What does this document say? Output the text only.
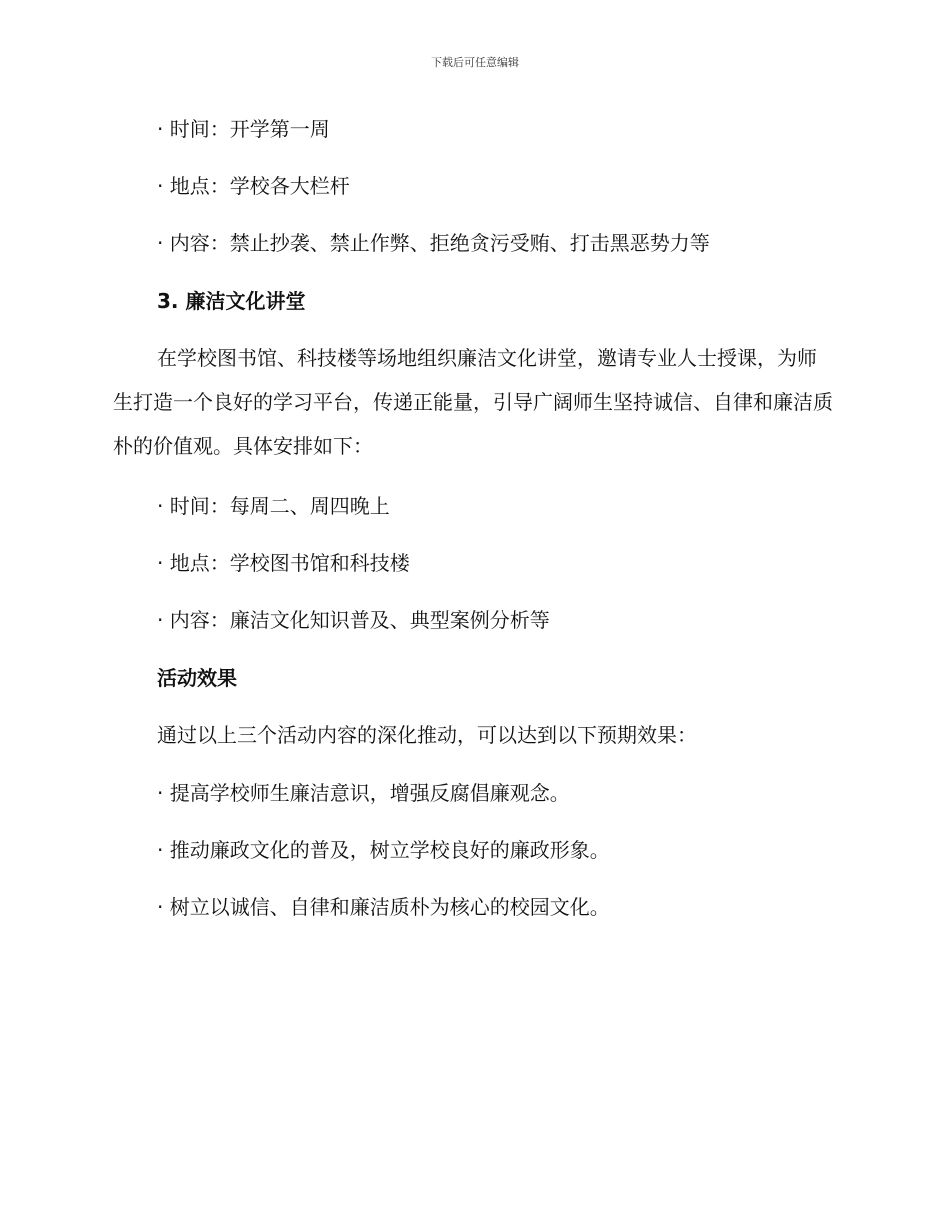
下载后可任意编辑
· 时间：开学第一周
· 地点：学校各大栏杆
· 内容：禁止抄袭、禁止作弊、拒绝贪污受贿、打击黑恶势力等
3. 廉洁文化讲堂
在学校图书馆、科技楼等场地组织廉洁文化讲堂，邀请专业人士授课，为师生打造一个良好的学习平台，传递正能量，引导广阔师生坚持诚信、自律和廉洁质朴的价值观。具体安排如下：
· 时间：每周二、周四晚上
· 地点：学校图书馆和科技楼
· 内容：廉洁文化知识普及、典型案例分析等
活动效果
通过以上三个活动内容的深化推动，可以达到以下预期效果：
· 提高学校师生廉洁意识，增强反腐倡廉观念。
· 推动廉政文化的普及，树立学校良好的廉政形象。
· 树立以诚信、自律和廉洁质朴为核心的校园文化。
